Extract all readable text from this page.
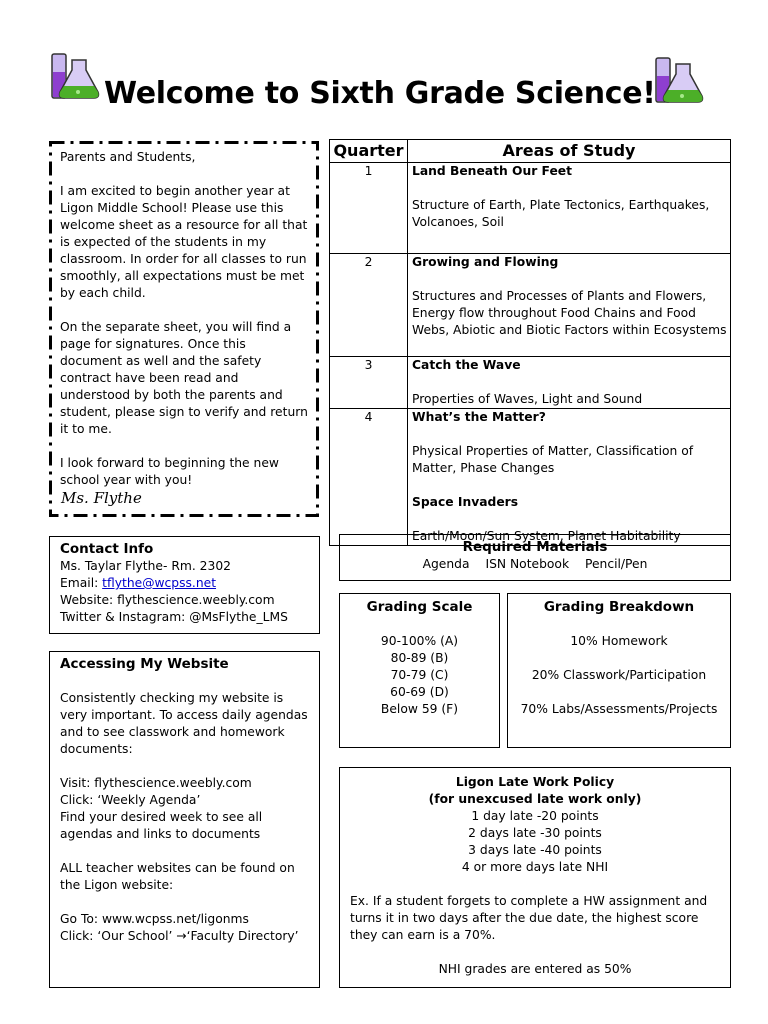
Welcome to Sixth Grade Science!

Parents and Students,

I am excited to begin another year at Ligon Middle School! Please use this welcome sheet as a resource for all that is expected of the students in my classroom. In order for all classes to run smoothly, all expectations must be met by each child.

On the separate sheet, you will find a page for signatures. Once this document as well and the safety contract have been read and understood by both the parents and student, please sign to verify and return it to me.

I look forward to beginning the new school year with you!

Ms. Flythe
Quarter	Areas of Study
1	Land Beneath Our Feet
Structure of Earth, Plate Tectonics, Earthquakes, Volcanoes, Soil

2	Growing and Flowing
Structures and Processes of Plants and Flowers, Energy flow throughout Food Chains and Food Webs, Abiotic and Biotic Factors within Ecosystems

3	Catch the Wave
Properties of Waves, Light and Sound

4	What’s the Matter?
Physical Properties of Matter, Classification of Matter, Phase Changes
Space Invaders
Earth/Moon/Sun System, Planet Habitability
Contact Info
Ms. Taylar Flythe- Rm. 2302
Email: tflythe@wcpss.net
Website: flythescience.weebly.com
Twitter & Instagram: @MsFlythe_LMS
Accessing My Website
Consistently checking my website is very important. To access daily agendas and to see classwork and homework documents:
Visit: flythescience.weebly.com
Click: ‘Weekly Agenda’
Find your desired week to see all agendas and links to documents
ALL teacher websites can be found on the Ligon website:
Go To: www.wcpss.net/ligonms
Click: ‘Our School’ →‘Faculty Directory’
Required Materials
Agenda ISN Notebook Pencil/Pen
Grading Scale
90-100% (A)
80-89 (B)
70-79 (C)
60-69 (D)
Below 59 (F)
Grading Breakdown
10% Homework
20% Classwork/Participation
70% Labs/Assessments/Projects
Ligon Late Work Policy
(for unexcused late work only)
1 day late -20 points
2 days late -30 points
3 days late -40 points
4 or more days late NHI
Ex. If a student forgets to complete a HW assignment and turns it in two days after the due date, the highest score they can earn is a 70%.
NHI grades are entered as 50%
